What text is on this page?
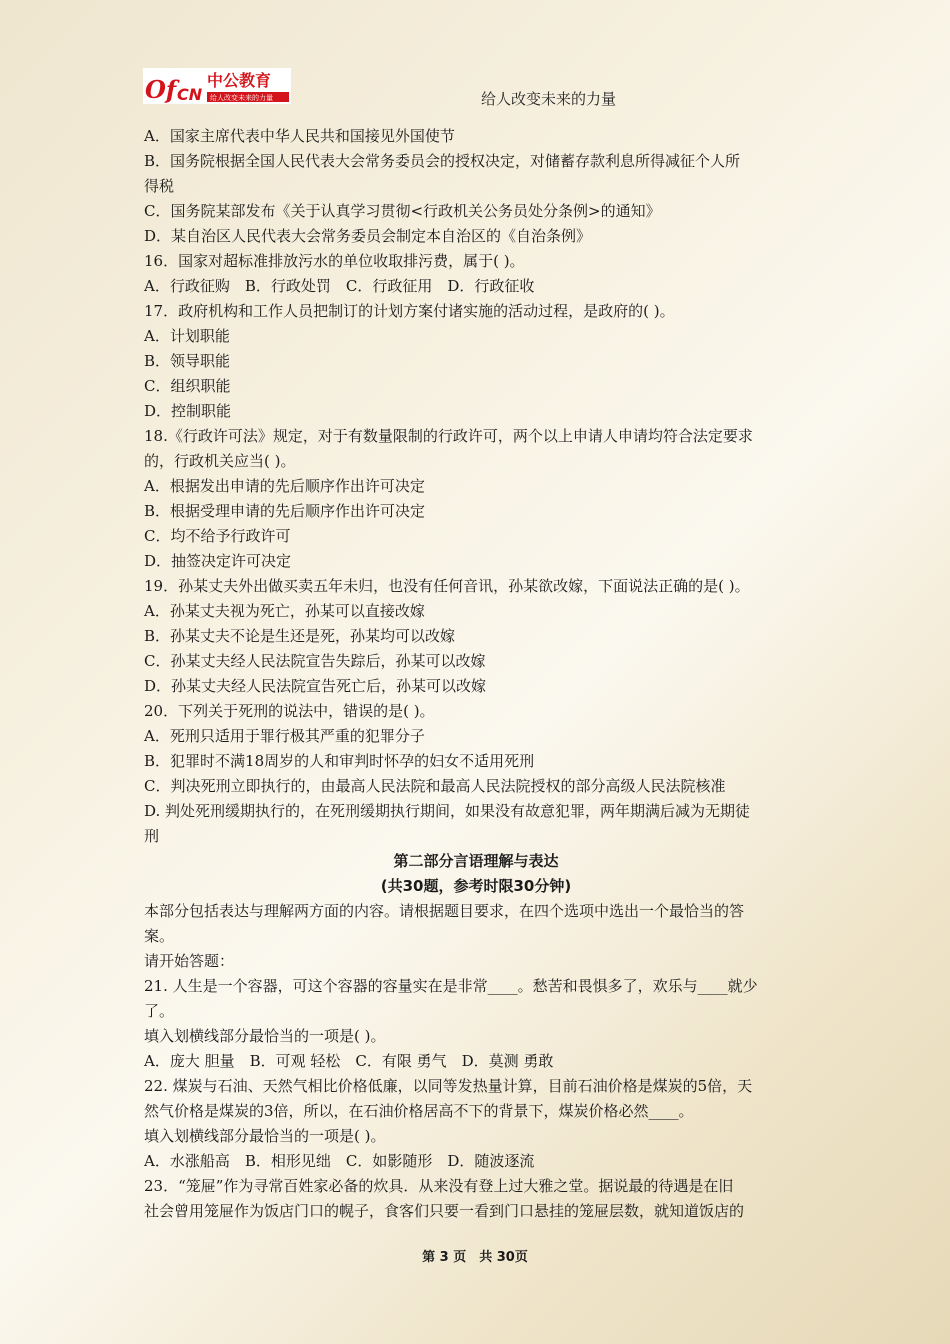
Of CN
中公教育
给人改变未来的力量	给人改变未来的力量

A．国家主席代表中华人民共和国接见外国使节

B．国务院根据全国人民代表大会常务委员会的授权决定，对储蓄存款利息所得减征个人所

得税

C．国务院某部发布《关于认真学习贯彻<行政机关公务员处分条例>的通知》

D．某自治区人民代表大会常务委员会制定本自治区的《自治条例》

16．国家对超标准排放污水的单位收取排污费，属于( )。

A．行政征购　B．行政处罚　C．行政征用　D．行政征收

17．政府机构和工作人员把制订的计划方案付诸实施的活动过程，是政府的( )。

A．计划职能

B．领导职能

C．组织职能

D．控制职能

18.《行政许可法》规定，对于有数量限制的行政许可，两个以上申请人申请均符合法定要求

的，行政机关应当( )。

A．根据发出申请的先后顺序作出许可决定

B．根据受理申请的先后顺序作出许可决定

C．均不给予行政许可

D．抽签决定许可决定

19．孙某丈夫外出做买卖五年未归，也没有任何音讯，孙某欲改嫁，下面说法正确的是( )。

A．孙某丈夫视为死亡，孙某可以直接改嫁

B．孙某丈夫不论是生还是死，孙某均可以改嫁

C．孙某丈夫经人民法院宣告失踪后，孙某可以改嫁

D．孙某丈夫经人民法院宣告死亡后，孙某可以改嫁

20．下列关于死刑的说法中，错误的是( )。

A．死刑只适用于罪行极其严重的犯罪分子

B．犯罪时不满18周岁的人和审判时怀孕的妇女不适用死刑

C．判决死刑立即执行的，由最高人民法院和最高人民法院授权的部分高级人民法院核准

D. 判处死刑缓期执行的，在死刑缓期执行期间，如果没有故意犯罪，两年期满后减为无期徒

刑

第二部分言语理解与表达

(共30题，参考时限30分钟)

本部分包括表达与理解两方面的内容。请根据题目要求，在四个选项中选出一个最恰当的答

案。

请开始答题：

21. 人生是一个容器，可这个容器的容量实在是非常____。愁苦和畏惧多了，欢乐与____就少

了。

填入划横线部分最恰当的一项是( )。

A．庞大 胆量　B．可观 轻松　C．有限 勇气　D．莫测 勇敢

22. 煤炭与石油、天然气相比价格低廉，以同等发热量计算，目前石油价格是煤炭的5倍，天

然气价格是煤炭的3倍，所以，在石油价格居高不下的背景下，煤炭价格必然____。

填入划横线部分最恰当的一项是( )。

A．水涨船高　B．相形见绌　C．如影随形　D．随波逐流

23．“笼屉”作为寻常百姓家必备的炊具．从来没有登上过大雅之堂。据说最的待遇是在旧

社会曾用笼屉作为饭店门口的幌子，食客们只要一看到门口悬挂的笼屉层数，就知道饭店的

第 3 页　共 30页
